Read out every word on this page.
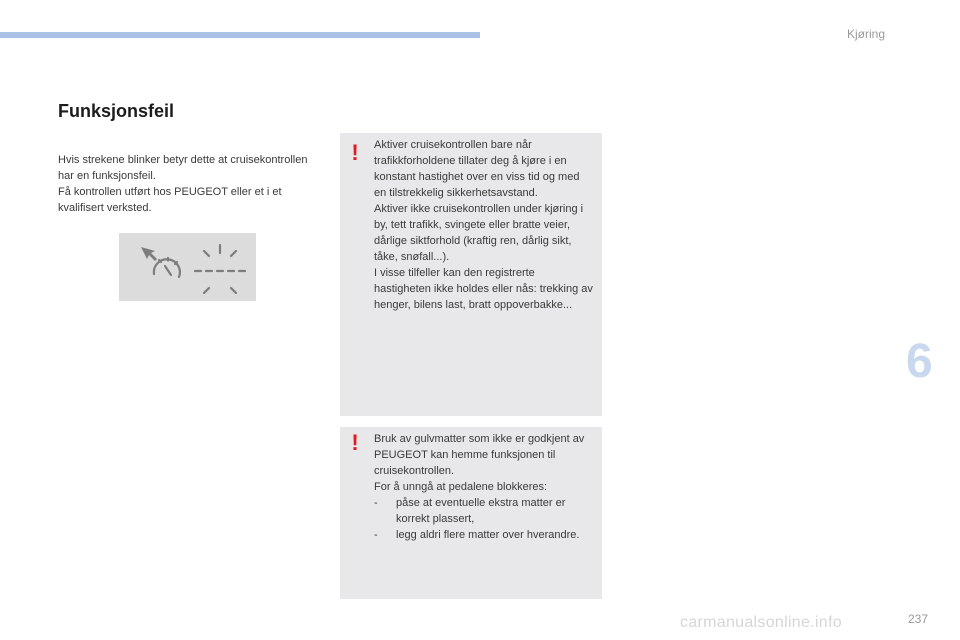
Kjøring
Funksjonsfeil

Hvis strekene blinker betyr dette at cruisekontrollen har en funksjonsfeil.
Få kontrollen utført hos PEUGEOT eller et i et kvalifisert verksted.

! Aktiver cruisekontrollen bare når trafikkforholdene tillater deg å kjøre i en konstant hastighet over en viss tid og med en tilstrekkelig sikkerhetsavstand.
Aktiver ikke cruisekontrollen under kjøring i by, tett trafikk, svingete eller bratte veier, dårlige siktforhold (kraftig ren, dårlig sikt, tåke, snøfall...).
I visse tilfeller kan den registrerte hastigheten ikke holdes eller nås: trekking av henger, bilens last, bratt oppoverbakke...

! Bruk av gulvmatter som ikke er godkjent av PEUGEOT kan hemme funksjonen til cruisekontrollen.
For å unngå at pedalene blokkeres:

- påse at eventuelle ekstra matter er korrekt plassert,
- legg aldri flere matter over hverandre.
6
carmanualsonline.info	237
